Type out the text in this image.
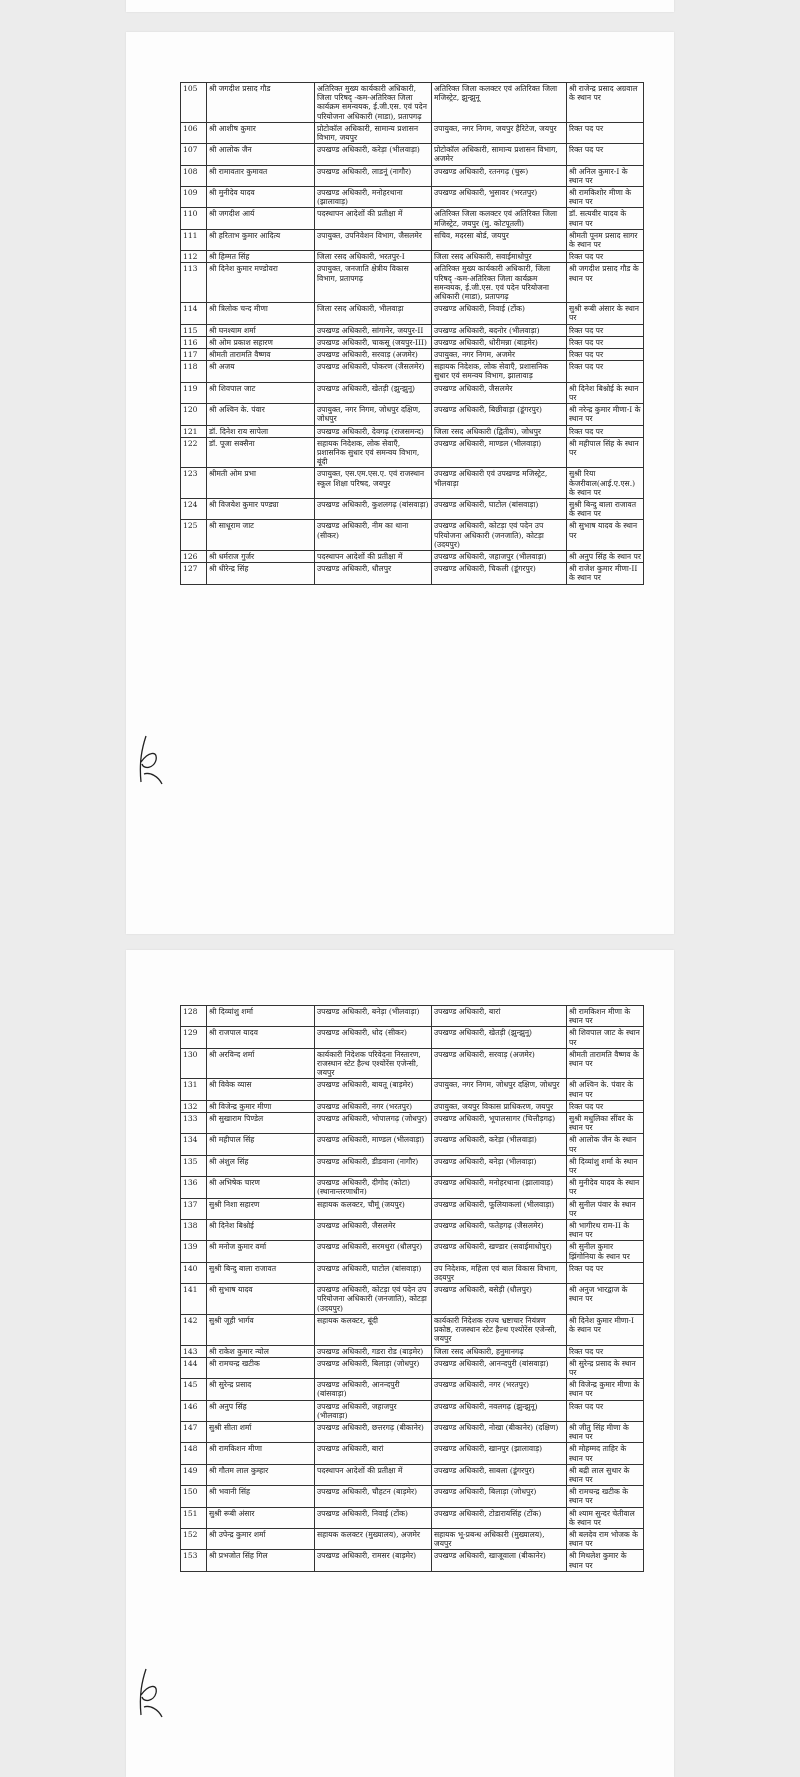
105	श्री जगदीश प्रसाद गौड	अतिरिक्त मुख्य कार्यकारी अधिकारी, जिला परिषद् -कम-अतिरिक्त जिला कार्यक्रम समन्वयक, ई.जी.एस. एवं पदेन परियोजना अधिकारी (माडा), प्रतापगढ़	अतिरिक्त जिला कलक्टर एवं अतिरिक्त जिला मजिस्ट्रेट, झुन्झुनू	श्री राजेन्द्र प्रसाद अग्रवाल के स्थान पर
106	श्री आशीष कुमार	प्रोटोकॉल अधिकारी, सामान्य प्रशासन विभाग, जयपुर	उपायुक्त, नगर निगम, जयपुर हैरिटेज, जयपुर	रिक्त पद पर
107	श्री आलोक जैन	उपखण्ड अधिकारी, करेड़ा (भीलवाड़ा)	प्रोटोकॉल अधिकारी, सामान्य प्रशासन विभाग, अजमेर	रिक्त पद पर
108	श्री रामावतार कुमावत	उपखण्ड अधिकारी, लाडनूं (नागौर)	उपखण्ड अधिकारी, रतनगढ़ (चुरू)	श्री अनिल कुमार-I के स्थान पर
109	श्री मुनीदेव यादव	उपखण्ड अधिकारी, मनोहरथाना (झालावाड़)	उपखण्ड अधिकारी, भुसावर (भरतपुर)	श्री रामकिशोर मीणा के स्थान पर
110	श्री जगदीश आर्य	पदस्थापन आदेशों की प्रतीक्षा में	अतिरिक्त जिला कलक्टर एवं अतिरिक्त जिला मजिस्ट्रेट, जयपुर (मु. कोटपूतली)	डॉ. सत्यवीर यादव के स्थान पर
111	श्री हरिताभ कुमार आदित्य	उपायुक्त, उपनिवेशन विभाग, जैसलमेर	सचिव, मदरसा बोर्ड, जयपुर	श्रीमती पूनम प्रसाद सागर के स्थान पर
112	श्री हिम्मत सिंह	जिला रसद अधिकारी, भरतपुर-I	जिला रसद अधिकारी, सवाईमाधोपुर	रिक्त पद पर
113	श्री दिनेश कुमार मण्डोवरा	उपायुक्त, जनजाति क्षेत्रीय विकास विभाग, प्रतापगढ़	अतिरिक्त मुख्य कार्यकारी अधिकारी, जिला परिषद् -कम-अतिरिक्त जिला कार्यक्रम समन्वयक, ई.जी.एस. एवं पदेन परियोजना अधिकारी (माडा), प्रतापगढ़	श्री जगदीश प्रसाद गौड के स्थान पर
114	श्री त्रिलोक चन्द मीणा	जिला रसद अधिकारी, भीलवाड़ा	उपखण्ड अधिकारी, निवाई (टोंक)	सुश्री रूबी अंसार के स्थान पर
115	श्री घनश्याम शर्मा	उपखण्ड अधिकारी, सांगानेर, जयपुर-II	उपखण्ड अधिकारी, बदनोर (भीलवाड़ा)	रिक्त पद पर
116	श्री ओम प्रकाश सहारण	उपखण्ड अधिकारी, चाकसू (जयपुर-III)	उपखण्ड अधिकारी, धोरीमन्ना (बाड़मेर)	रिक्त पद पर
117	श्रीमती तारामति वैष्णव	उपखण्ड अधिकारी, सरवाड़ (अजमेर)	उपायुक्त, नगर निगम, अजमेर	रिक्त पद पर
118	श्री अजय	उपखण्ड अधिकारी, पोकरण (जैसलमेर)	सहायक निदेशक, लोक सेवाएँ, प्रशासनिक सुधार एवं समन्वय विभाग, झालावाड़	रिक्त पद पर
119	श्री शिवपाल जाट	उपखण्ड अधिकारी, खेतड़ी (झुन्झुनू)	उपखण्ड अधिकारी, जैसलमेर	श्री दिनेश बिश्नोई के स्थान पर
120	श्री अश्विन के. पंवार	उपायुक्त, नगर निगम, जोधपुर दक्षिण, जोधपुर	उपखण्ड अधिकारी, बिछीवाड़ा (डूंगरपुर)	श्री नरेन्द्र कुमार मीणा-I के स्थान पर
121	डॉ. दिनेश राय सापेला	उपखण्ड अधिकारी, देवगढ़ (राजसमन्द)	जिला रसद अधिकारी (द्वितीय), जोधपुर	रिक्त पद पर
122	डॉ. पूजा सक्सैना	सहायक निदेशक, लोक सेवाएँ, प्रशासनिक सुधार एवं समन्वय विभाग, बूंदी	उपखण्ड अधिकारी, माण्डल (भीलवाड़ा)	श्री महीपाल सिंह के स्थान पर
123	श्रीमती ओम प्रभा	उपायुक्त, एस.एम.एस.ए. एवं राजस्थान स्कूल शिक्षा परिषद, जयपुर	उपखण्ड अधिकारी एवं उपखण्ड मजिस्ट्रेट, भीलवाड़ा	सुश्री रिया केजरीवाल(आई.ए.एस.) के स्थान पर
124	श्री विजयेश कुमार पण्ड्या	उपखण्ड अधिकारी, कुशलगढ़ (बांसवाड़ा)	उपखण्ड अधिकारी, घाटोल (बांसवाड़ा)	सुश्री बिन्दु बाला राजावत के स्थान पर
125	श्री साधूराम जाट	उपखण्ड अधिकारी, नीम का थाना (सीकर)	उपखण्ड अधिकारी, कोटड़ा एवं पदेन उप परियोजना अधिकारी (जनजाति), कोटड़ा (उदयपुर)	श्री सुभाष यादव के स्थान पर
126	श्री धर्मराज गुर्जर	पदस्थापन आदेशों की प्रतीक्षा में	उपखण्ड अधिकारी, जहाजपुर (भीलवाड़ा)	श्री अनुप सिंह के स्थान पर
127	श्री धीरेन्द्र सिंह	उपखण्ड अधिकारी, धौलपुर	उपखण्ड अधिकारी, चिकली (डूंगरपुर)	श्री राजेश कुमार मीणा-II के स्थान पर
128	श्री दिव्यांशु शर्मा	उपखण्ड अधिकारी, बनेड़ा (भीलवाड़ा)	उपखण्ड अधिकारी, बारां	श्री रामकिशन मीणा के स्थान पर
129	श्री राजपाल यादव	उपखण्ड अधिकारी, धोद (सीकर)	उपखण्ड अधिकारी, खेतड़ी (झुन्झुनू)	श्री शिवपाल जाट के स्थान पर
130	श्री अरविन्द शर्मा	कार्यकारी निदेशक परिवेदना निस्तारण, राजस्थान स्टेट हैल्थ एश्योरेंस एजेन्सी, जयपुर	उपखण्ड अधिकारी, सरवाड़ (अजमेर)	श्रीमती तारामति वैष्णव के स्थान पर
131	श्री विवेक व्यास	उपखण्ड अधिकारी, बायतू (बाड़मेर)	उपायुक्त, नगर निगम, जोधपुर दक्षिण, जोधपुर	श्री अश्विन के. पंवार के स्थान पर
132	श्री विजेन्द्र कुमार मीणा	उपखण्ड अधिकारी, नगर (भरतपुर)	उपायुक्त, जयपुर विकास प्राधिकरण, जयपुर	रिक्त पद पर
133	श्री सुखाराम पिण्डेल	उपखण्ड अधिकारी, भोपालगढ़ (जोधपुर)	उपखण्ड अधिकारी, भूपालसागर (चित्तौड़गढ़)	सुश्री मधुलिका सींवर के स्थान पर
134	श्री महीपाल सिंह	उपखण्ड अधिकारी, माण्डल (भीलवाड़ा)	उपखण्ड अधिकारी, करेड़ा (भीलवाड़ा)	श्री आलोक जैन के स्थान पर
135	श्री अंशुल सिंह	उपखण्ड अधिकारी, डीडवाना (नागौर)	उपखण्ड अधिकारी, बनेड़ा (भीलवाड़ा)	श्री दिव्यांशु शर्मा के स्थान पर
136	श्री अभिषेक चारण	उपखण्ड अधिकारी, दीगोद (कोटा) (स्थानान्तरणाधीन)	उपखण्ड अधिकारी, मनोहरथाना (झालावाड़)	श्री मुनीदेव यादव के स्थान पर
137	सुश्री निशा सहारण	सहायक कलक्टर, चौमूं (जयपुर)	उपखण्ड अधिकारी, फूलियाकलां (भीलवाड़ा)	श्री सुनील पंवार के स्थान पर
138	श्री दिनेश बिश्नोई	उपखण्ड अधिकारी, जैसलमेर	उपखण्ड अधिकारी, फतेहगढ़ (जैसलमेर)	श्री भागीरथ राम-II के स्थान पर
139	श्री मनोज कुमार वर्मा	उपखण्ड अधिकारी, सरमथुरा (धौलपुर)	उपखण्ड अधिकारी, खण्डार (सवाईमाधोपुर)	श्री सुनील कुमार झिंगोनिया के स्थान पर
140	सुश्री बिन्दु बाला राजावत	उपखण्ड अधिकारी, घाटोल (बांसवाड़ा)	उप निदेशक, महिला एवं बाल विकास विभाग, उदयपुर	रिक्त पद पर
141	श्री सुभाष यादव	उपखण्ड अधिकारी, कोटड़ा एवं पदेन उप परियोजना अधिकारी (जनजाति), कोटड़ा (उदयपुर)	उपखण्ड अधिकारी, बसेड़ी (धौलपुर)	श्री अनुज भारद्वाज के स्थान पर
142	सुश्री जूही भार्गव	सहायक कलक्टर, बूंदी	कार्यकारी निदेशक राज्य भ्रष्टाचार नियंत्रण प्रकोष्ठ, राजस्थान स्टेट हैल्थ एश्योरेंस एजेन्सी, जयपुर	श्री दिनेश कुमार मीणा-I के स्थान पर
143	श्री राकेश कुमार न्योल	उपखण्ड अधिकारी, गडरा रोड (बाड़मेर)	जिला रसद अधिकारी, हनुमानगढ़	रिक्त पद पर
144	श्री रामचन्द्र खटीक	उपखण्ड अधिकारी, बिलाड़ा (जोधपुर)	उपखण्ड अधिकारी, आनन्दपुरी (बांसवाड़ा)	श्री सुरेन्द्र प्रसाद के स्थान पर
145	श्री सुरेन्द्र प्रसाद	उपखण्ड अधिकारी, आनन्दपुरी (बांसवाड़ा)	उपखण्ड अधिकारी, नगर (भरतपुर)	श्री विजेन्द्र कुमार मीणा के स्थान पर
146	श्री अनुप सिंह	उपखण्ड अधिकारी, जहाजपुर (भीलवाड़ा)	उपखण्ड अधिकारी, नवलगढ़ (झुन्झुनू)	रिक्त पद पर
147	सुश्री सीता शर्मा	उपखण्ड अधिकारी, छत्तरगढ़ (बीकानेर)	उपखण्ड अधिकारी, नोखा (बीकानेर) (दक्षिण)	श्री जीतु सिंह मीणा के स्थान पर
148	श्री रामकिशन मीणा	उपखण्ड अधिकारी, बारां	उपखण्ड अधिकारी, खानपुर (झालावाड़)	श्री मोहम्मद ताहिर के स्थान पर
149	श्री गौतम लाल कुम्हार	पदस्थापन आदेशों की प्रतीक्षा में	उपखण्ड अधिकारी, साबला (डूंगरपुर)	श्री बद्री लाल सुथार के स्थान पर
150	श्री भवानी सिंह	उपखण्ड अधिकारी, चौहटन (बाड़मेर)	उपखण्ड अधिकारी, बिलाड़ा (जोधपुर)	श्री रामचन्द्र खटीक के स्थान पर
151	सुश्री रूबी अंसार	उपखण्ड अधिकारी, निवाई (टोंक)	उपखण्ड अधिकारी, टोडारायसिंह (टोंक)	श्री श्याम सुन्दर चेतीवाल के स्थान पर
152	श्री उपेन्द्र कुमार शर्मा	सहायक कलक्टर (मुख्यालय), अजमेर	सहायक भू-प्रबन्ध अधिकारी (मुख्यालय), जयपुर	श्री बलदेव राम भोजक के स्थान पर
153	श्री प्रभजोत सिंह गिल	उपखण्ड अधिकारी, रामसर (बाड़मेर)	उपखण्ड अधिकारी, खाजूवाला (बीकानेर)	श्री मिथलेश कुमार के स्थान पर
